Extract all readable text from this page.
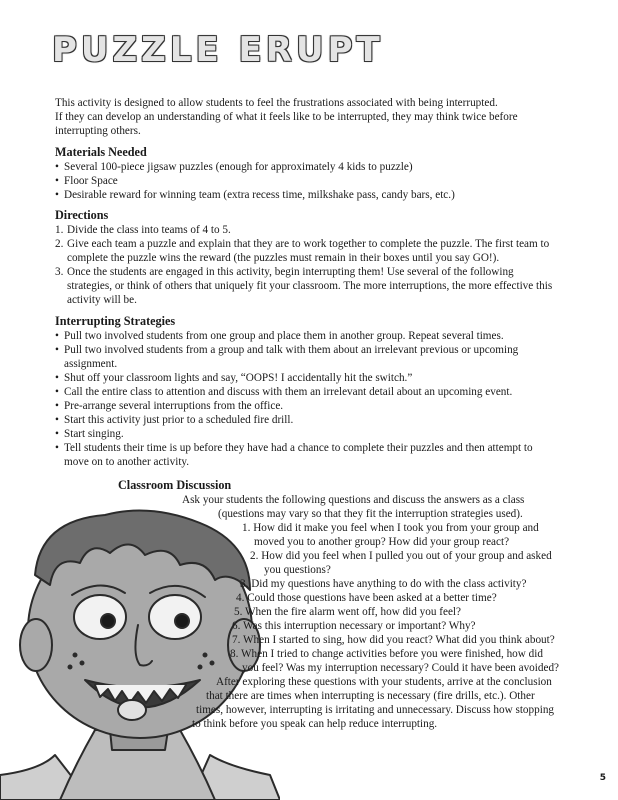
PUZZLE ERUPT
This activity is designed to allow students to feel the frustrations associated with being interrupted.
If they can develop an understanding of what it feels like to be interrupted, they may think twice before
interrupting others.
Materials Needed
• Several 100-piece jigsaw puzzles (enough for approximately 4 kids to puzzle)
• Floor Space
• Desirable reward for winning team (extra recess time, milkshake pass, candy bars, etc.)
Directions
1. Divide the class into teams of 4 to 5.
2. Give each team a puzzle and explain that they are to work together to complete the puzzle. The first team to
complete the puzzle wins the reward (the puzzles must remain in their boxes until you say GO!).
3. Once the students are engaged in this activity, begin interrupting them! Use several of the following
strategies, or think of others that uniquely fit your classroom. The more interruptions, the more effective this
activity will be.
Interrupting Strategies
• Pull two involved students from one group and place them in another group. Repeat several times.
• Pull two involved students from a group and talk with them about an irrelevant previous or upcoming
assignment.
• Shut off your classroom lights and say, “OOPS! I accidentally hit the switch.”
• Call the entire class to attention and discuss with them an irrelevant detail about an upcoming event.
• Pre-arrange several interruptions from the office.
• Start this activity just prior to a scheduled fire drill.
• Start singing.
• Tell students their time is up before they have had a chance to complete their puzzles and then attempt to
move on to another activity.
Classroom Discussion
Ask your students the following questions and discuss the answers as a class
(questions may vary so that they fit the interruption strategies used).
1. How did it make you feel when I took you from your group and
moved you to another group? How did your group react?
2. How did you feel when I pulled you out of your group and asked
you questions?
3. Did my questions have anything to do with the class activity?
4. Could those questions have been asked at a better time?
5. When the fire alarm went off, how did you feel?
6. Was this interruption necessary or important? Why?
7. When I started to sing, how did you react? What did you think about?
8. When I tried to change activities before you were finished, how did
you feel? Was my interruption necessary? Could it have been avoided?
After exploring these questions with your students, arrive at the conclusion
that there are times when interrupting is necessary (fire drills, etc.). Other
times, however, interrupting is irritating and unnecessary. Discuss how stopping
to think before you speak can help reduce interrupting.
5
